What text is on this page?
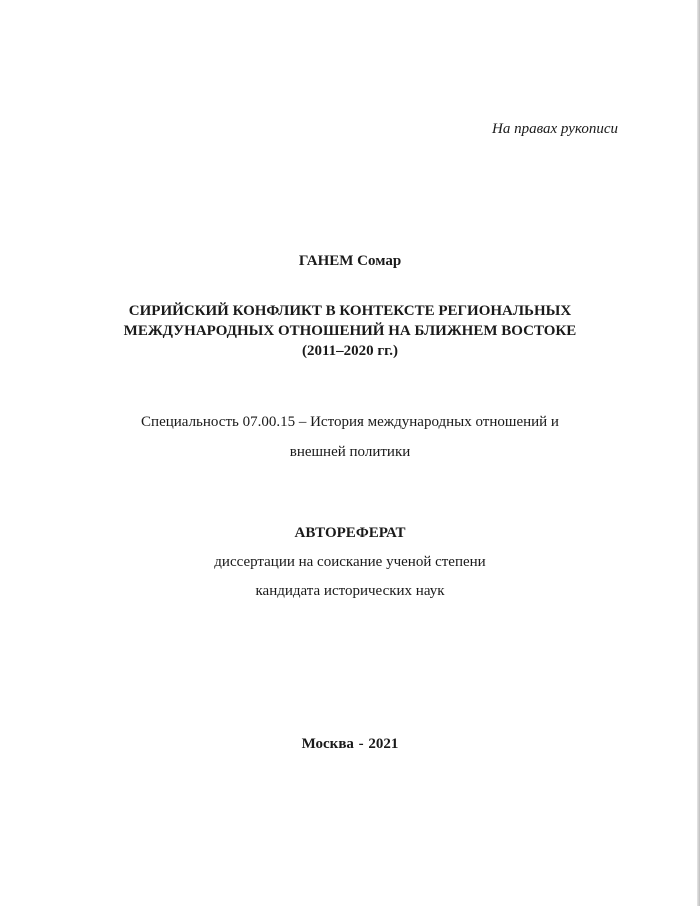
На правах рукописи
ГАНЕМ Сомар
СИРИЙСКИЙ КОНФЛИКТ В КОНТЕКСТЕ РЕГИОНАЛЬНЫХ
МЕЖДУНАРОДНЫХ ОТНОШЕНИЙ НА БЛИЖНЕМ ВОСТОКЕ
(2011–2020 гг.)
Специальность 07.00.15 – История международных отношений и
внешней политики
АВТОРЕФЕРАТ
диссертации на соискание ученой степени
кандидата исторических наук
Москва - 2021
